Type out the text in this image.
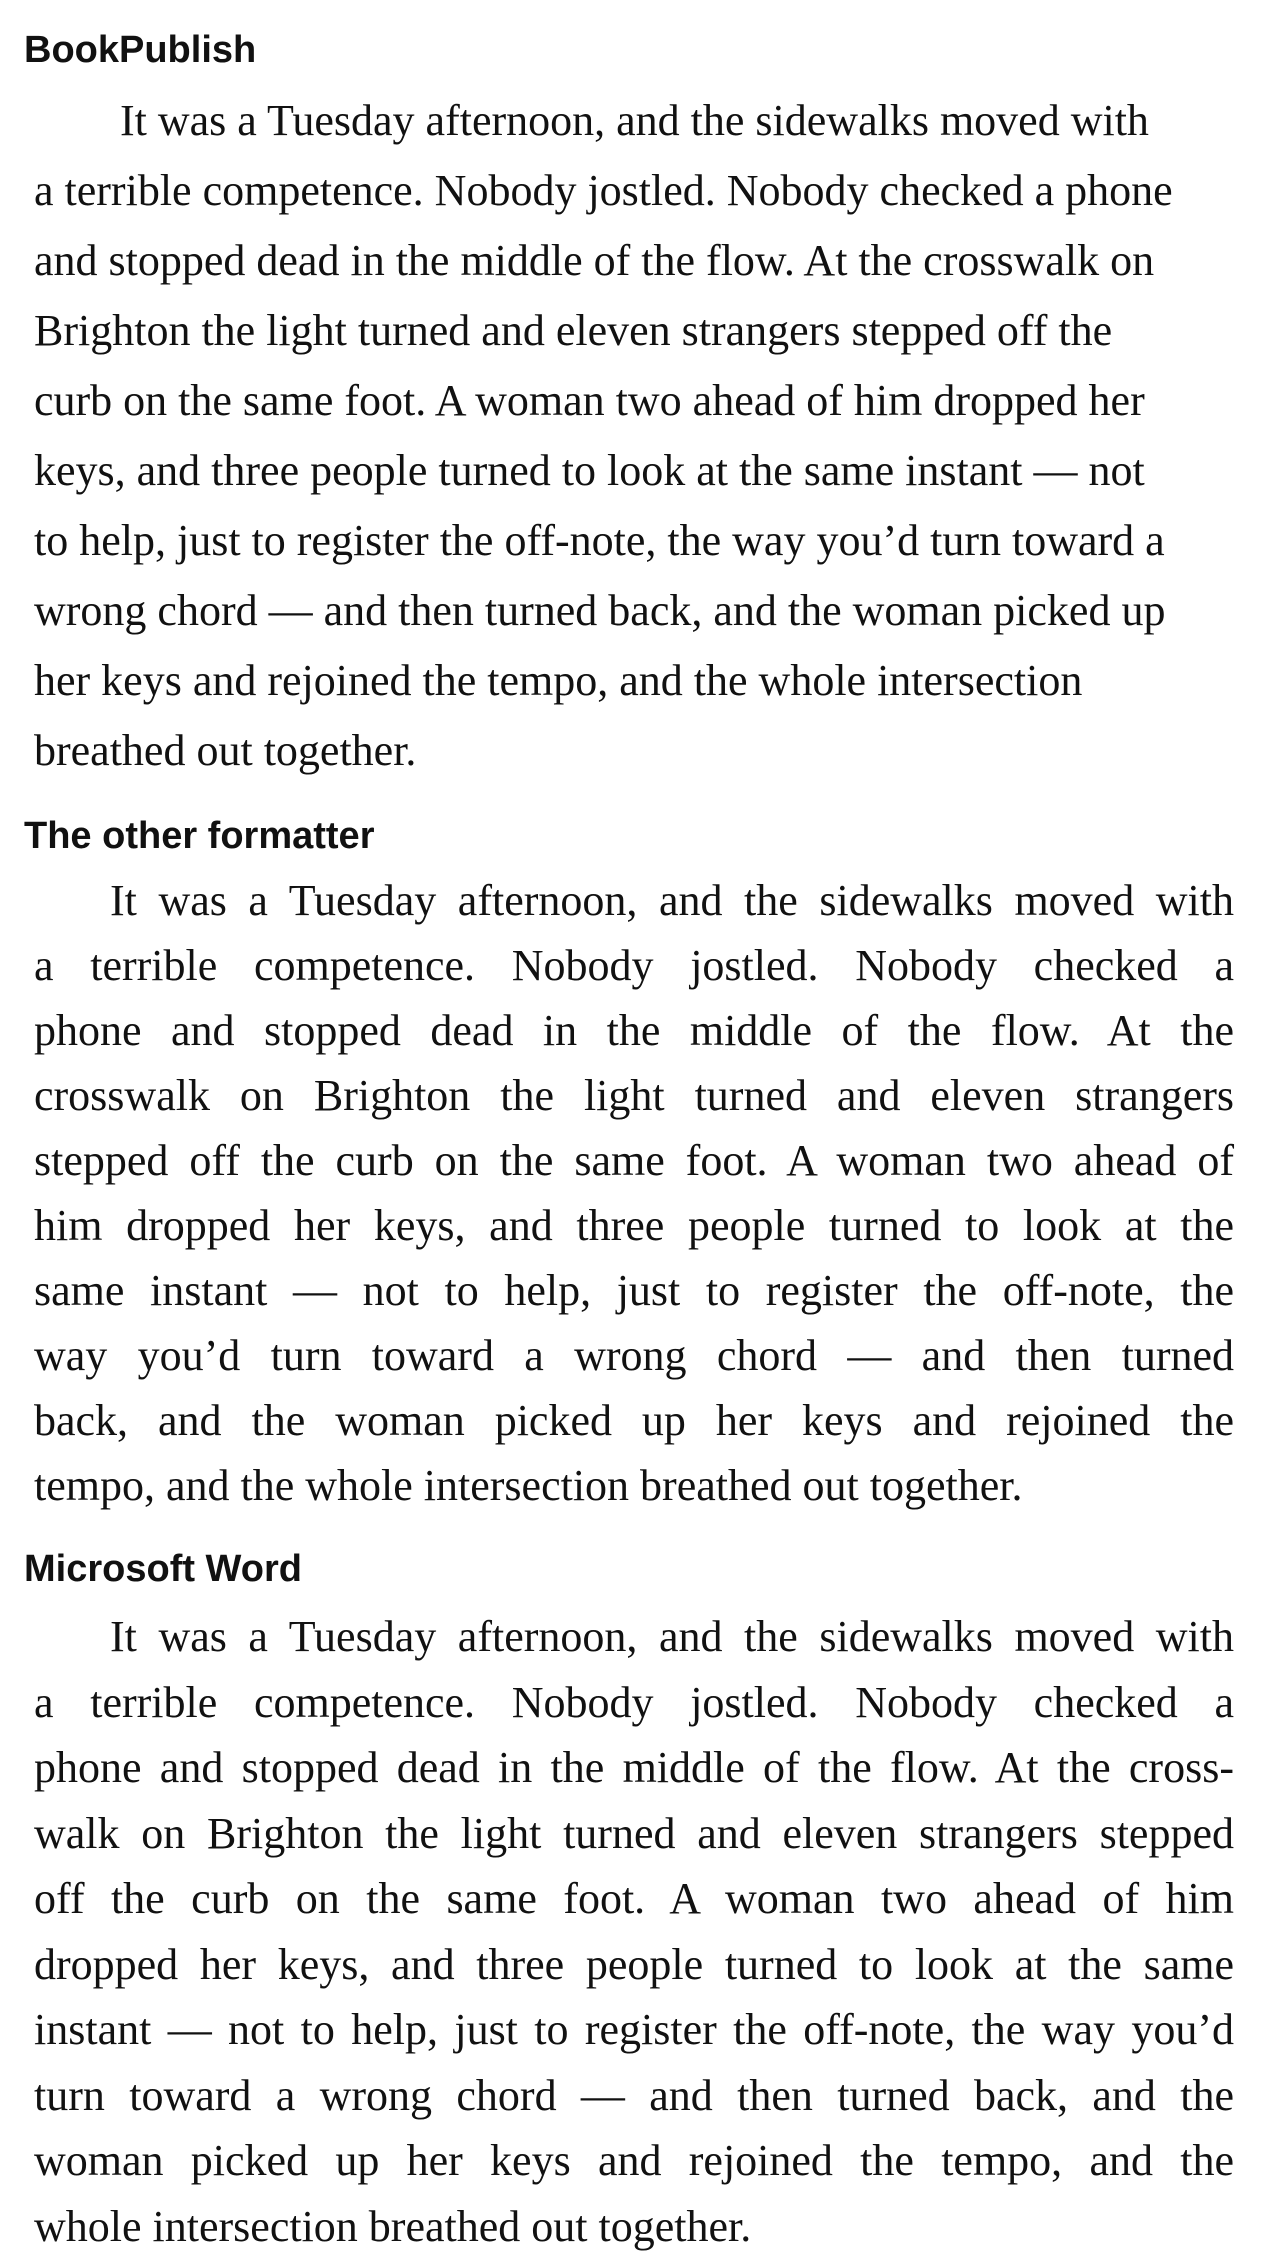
BookPublish
It was a Tuesday afternoon, and the sidewalks moved with
a terrible competence. Nobody jostled. Nobody checked a phone
and stopped dead in the middle of the flow. At the crosswalk on
Brighton the light turned and eleven strangers stepped off the
curb on the same foot. A woman two ahead of him dropped her
keys, and three people turned to look at the same instant — not
to help, just to register the off-note, the way you’d turn toward a
wrong chord — and then turned back, and the woman picked up
her keys and rejoined the tempo, and the whole intersection
breathed out together.
The other formatter
It was a Tuesday afternoon, and the sidewalks moved with
a terrible competence. Nobody jostled. Nobody checked a
phone and stopped dead in the middle of the flow. At the
crosswalk on Brighton the light turned and eleven strangers
stepped off the curb on the same foot. A woman two ahead of
him dropped her keys, and three people turned to look at the
same instant — not to help, just to register the off-note, the
way you’d turn toward a wrong chord — and then turned
back, and the woman picked up her keys and rejoined the
tempo, and the whole intersection breathed out together.
Microsoft Word
It was a Tuesday afternoon, and the sidewalks moved with
a terrible competence. Nobody jostled. Nobody checked a
phone and stopped dead in the middle of the flow. At the cross-
walk on Brighton the light turned and eleven strangers stepped
off the curb on the same foot. A woman two ahead of him
dropped her keys, and three people turned to look at the same
instant — not to help, just to register the off-note, the way you’d
turn toward a wrong chord — and then turned back, and the
woman picked up her keys and rejoined the tempo, and the
whole intersection breathed out together.
